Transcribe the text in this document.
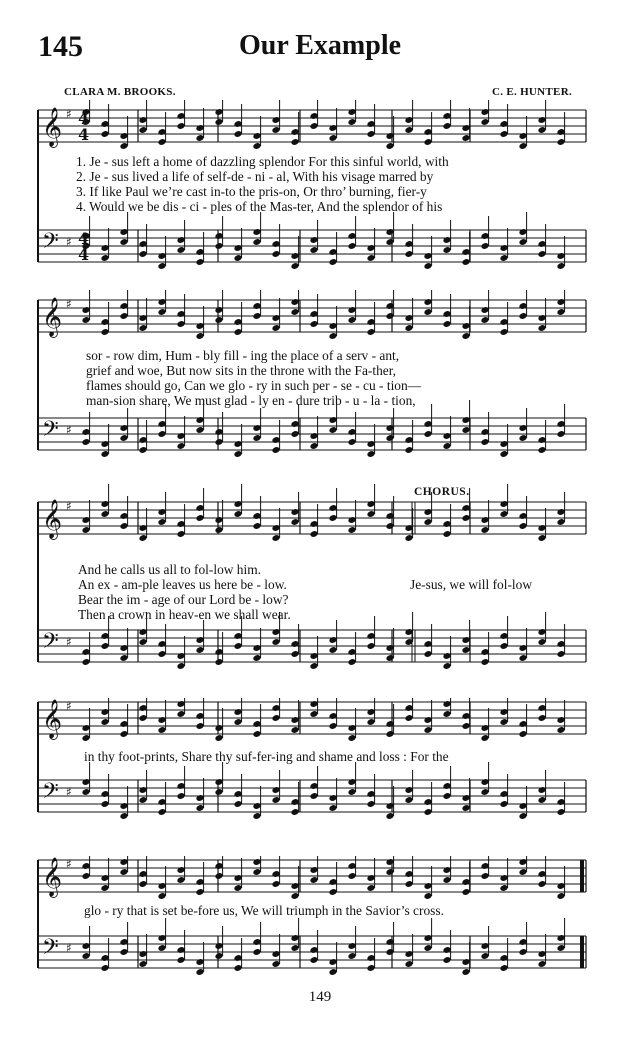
145	Our Example
CLARA M. BROOKS.	C. E. HUNTER.
𝄞 ♯
𝄢 ♯
4
4
4
4
1. Je - sus left a home of dazzling splendor For this sinful world, with
2. Je - sus lived a life of self-de - ni - al, With his visage marred by
3. If like Paul we’re cast in-to the pris-on, Or thro’ burning, fier-y
4. Would we be dis - ci - ples of the Mas-ter, And the splendor of his
𝄞 ♯
𝄢 ♯
sor - row dim, Hum - bly fill - ing the place of a serv - ant,
grief and woe, But now sits in the throne with the Fa-ther,
flames should go, Can we glo - ry in such per - se - cu - tion—
man-sion share, We must glad - ly en - dure trib - u - la - tion,
CHORUS.
𝄞 ♯
𝄢 ♯
And he calls us all to fol-low him.
An ex - am-ple leaves us here be - low.
Bear the im - age of our Lord be - low?
Then a crown in heav-en we shall wear.
Je-sus, we will fol-low
𝄞 ♯
𝄢 ♯
in thy foot-prints, Share thy suf-fer-ing and shame and loss : For the
𝄞 ♯
𝄢 ♯
glo - ry that is set be-fore us, We will triumph in the Savior’s cross.
149
